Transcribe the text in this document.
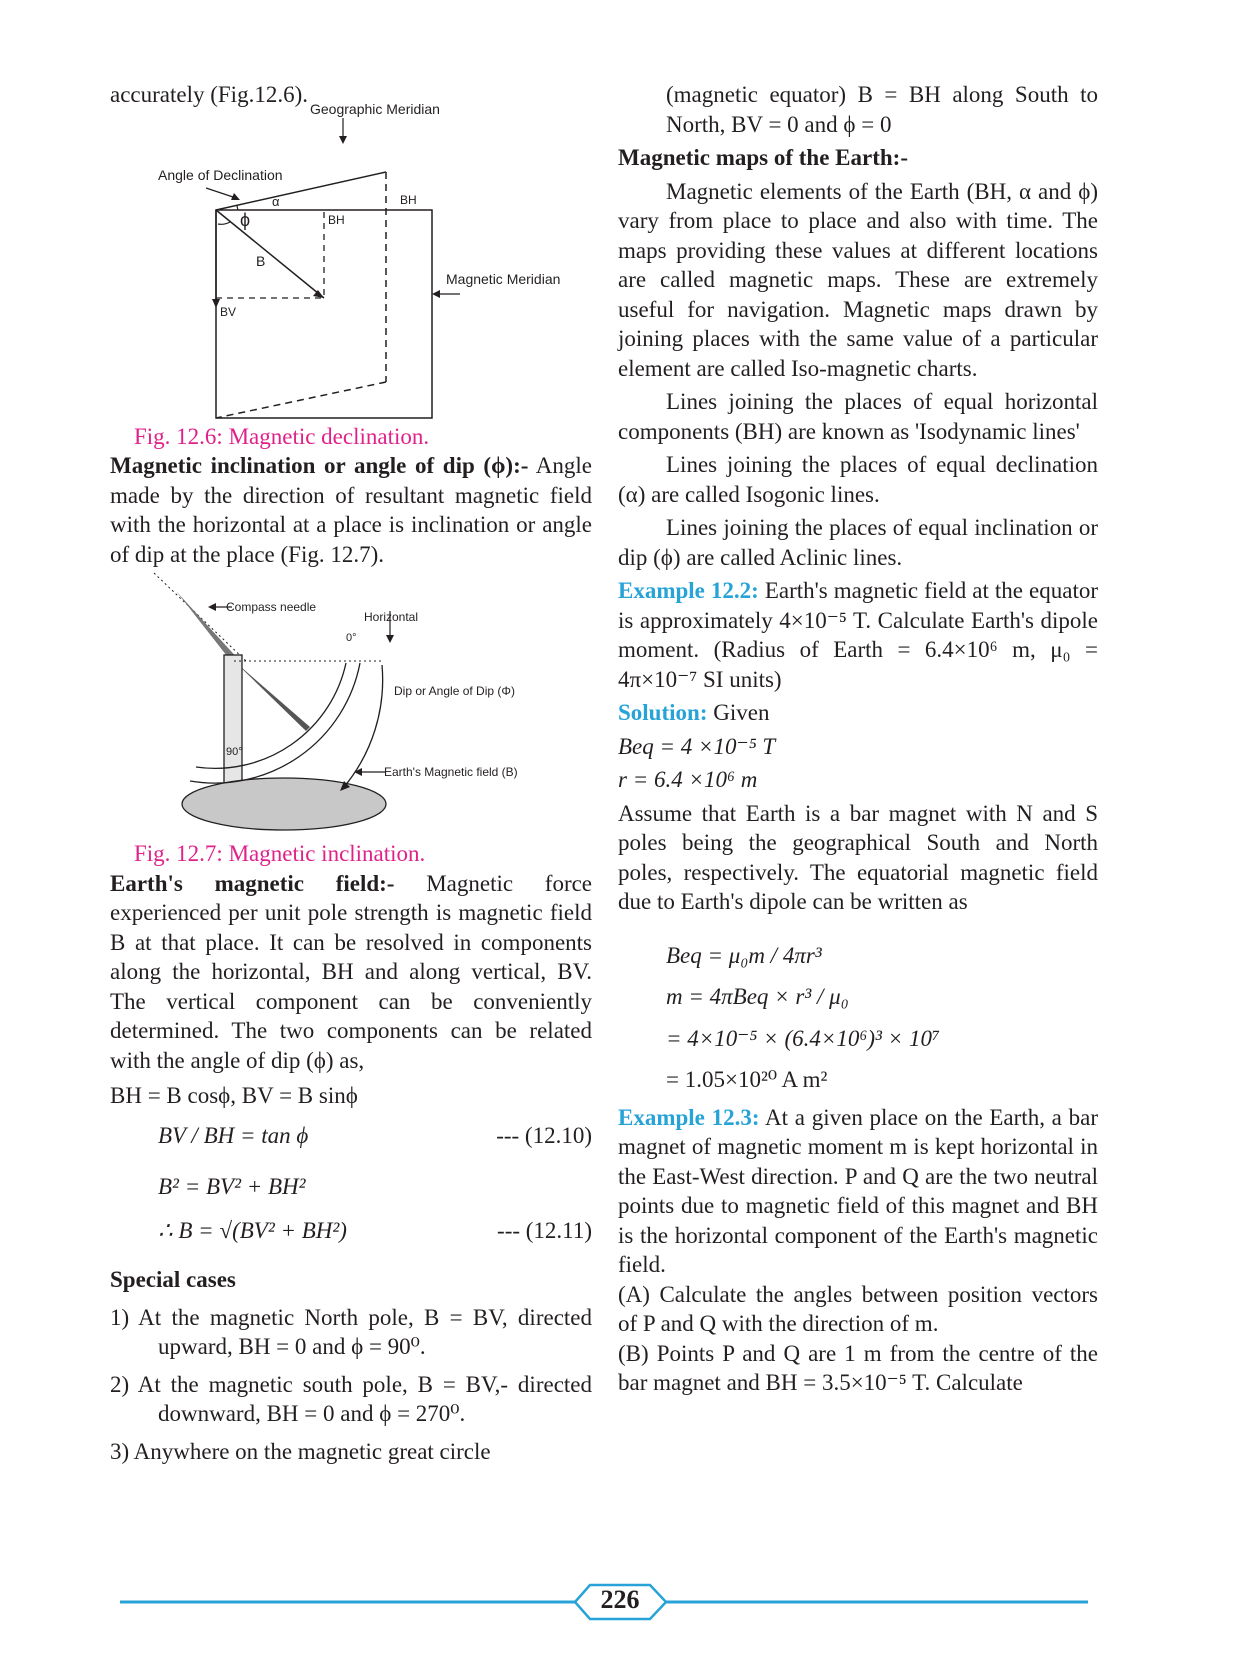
accurately (Fig.12.6).

Geographic Meridian
Angle of Declination
α
ϕ
BH
BH
B
BV
Magnetic Meridian

Fig. 12.6: Magnetic declination.

Magnetic inclination or angle of dip (ϕ):- Angle made by the direction of resultant magnetic field with the horizontal at a place is inclination or angle of dip at the place (Fig. 12.7).

Compass needle
Horizontal
0°
Dip or Angle of Dip (Φ)
90°
Earth's Magnetic field (B)

Fig. 12.7: Magnetic inclination.

Earth's magnetic field:- Magnetic force experienced per unit pole strength is magnetic field B at that place. It can be resolved in components along the horizontal, BH and along vertical, BV. The vertical component can be conveniently determined. The two components can be related with the angle of dip (ϕ) as,

BH = B cosϕ, BV = B sinϕ

BV / BH = tan ϕ	--- (12.10)

B² = BV² + BH²

∴ B = √(BV² + BH²)	--- (12.11)

Special cases

1) At the magnetic North pole, B = BV, directed upward, BH = 0 and ϕ = 90⁰.

2) At the magnetic south pole, B = BV,- directed downward, BH = 0 and ϕ = 270⁰.

3) Anywhere on the magnetic great circle

(magnetic equator) B = BH along South to North, BV = 0 and ϕ = 0

Magnetic maps of the Earth:-

Magnetic elements of the Earth (BH, α and ϕ) vary from place to place and also with time. The maps providing these values at different locations are called magnetic maps. These are extremely useful for navigation. Magnetic maps drawn by joining places with the same value of a particular element are called Iso-magnetic charts.

Lines joining the places of equal horizontal components (BH) are known as 'Isodynamic lines'

Lines joining the places of equal declination (α) are called Isogonic lines.

Lines joining the places of equal inclination or dip (ϕ) are called Aclinic lines.

Example 12.2: Earth's magnetic field at the equator is approximately 4×10⁻⁵ T. Calculate Earth's dipole moment. (Radius of Earth = 6.4×10⁶ m, μ₀ = 4π×10⁻⁷ SI units)

Solution: Given

Beq = 4 ×10⁻⁵ T

r = 6.4 ×10⁶ m

Assume that Earth is a bar magnet with N and S poles being the geographical South and North poles, respectively. The equatorial magnetic field due to Earth's dipole can be written as

Beq = μ₀m / 4πr³

m = 4πBeq × r³ / μ₀

= 4×10⁻⁵ × (6.4×10⁶)³ × 10⁷

= 1.05×10²⁰ A m²

Example 12.3: At a given place on the Earth, a bar magnet of magnetic moment m is kept horizontal in the East-West direction. P and Q are the two neutral points due to magnetic field of this magnet and BH is the horizontal component of the Earth's magnetic field.

(A) Calculate the angles between position vectors of P and Q with the direction of m.

(B) Points P and Q are 1 m from the centre of the bar magnet and BH = 3.5×10⁻⁵ T. Calculate

226
